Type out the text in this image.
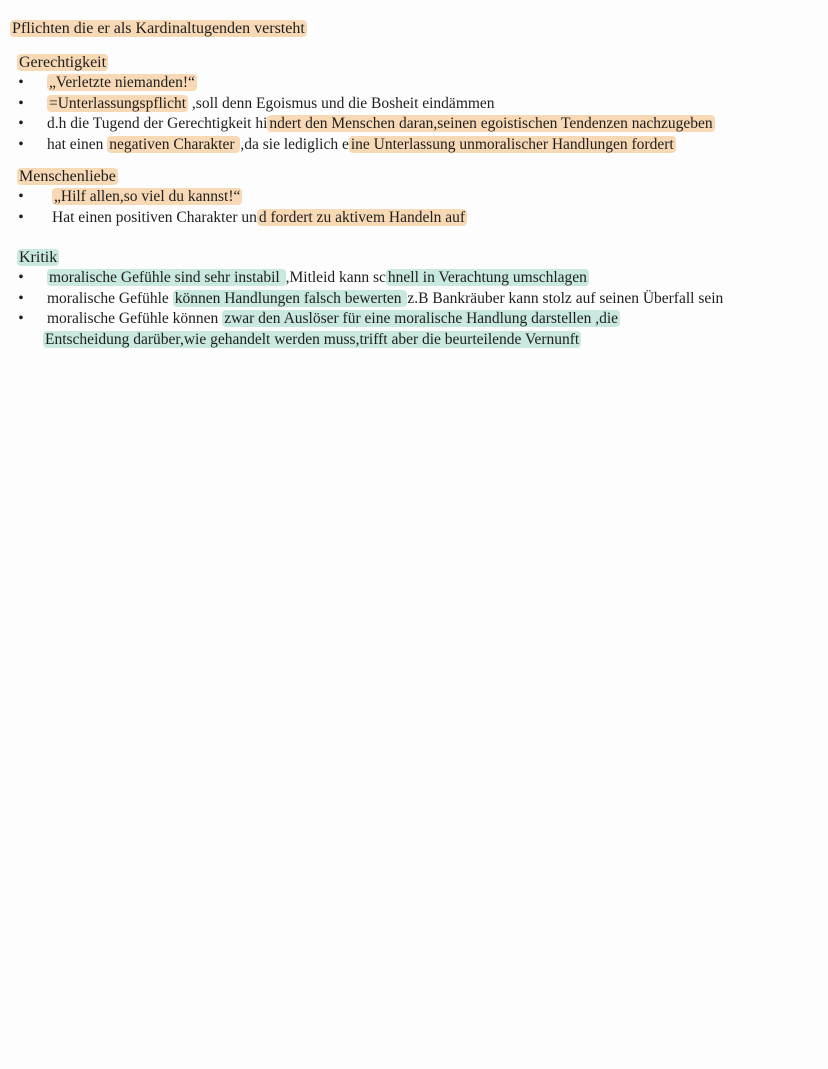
Pflichten die er als Kardinaltugenden versteht
Gerechtigkeit
• „Verletzte niemanden!“
• =Unterlassungspflicht ,soll denn Egoismus und die Bosheit eindämmen
• d.h die Tugend der Gerechtigkeit hi ndert den Menschen daran,seinen egoistischen Tendenzen nachzugeben
• hat einen negativen Charakter ,da sie lediglich e ine Unterlassung unmoralischer Handlungen fordert
Menschenliebe
• „Hilf allen,so viel du kannst!“
• Hat einen positiven Charakter un d fordert zu aktivem Handeln auf
Kritik
• moralische Gefühle sind sehr instabil ,Mitleid kann sc hnell in Verachtung umschlagen
• moralische Gefühle können Handlungen falsch bewerten z.B Bankräuber kann stolz auf seinen Überfall sein
• moralische Gefühle können zwar den Auslöser für eine moralische Handlung darstellen ,die
Entscheidung darüber,wie gehandelt werden muss,trifft aber die beurteilende Vernunft
